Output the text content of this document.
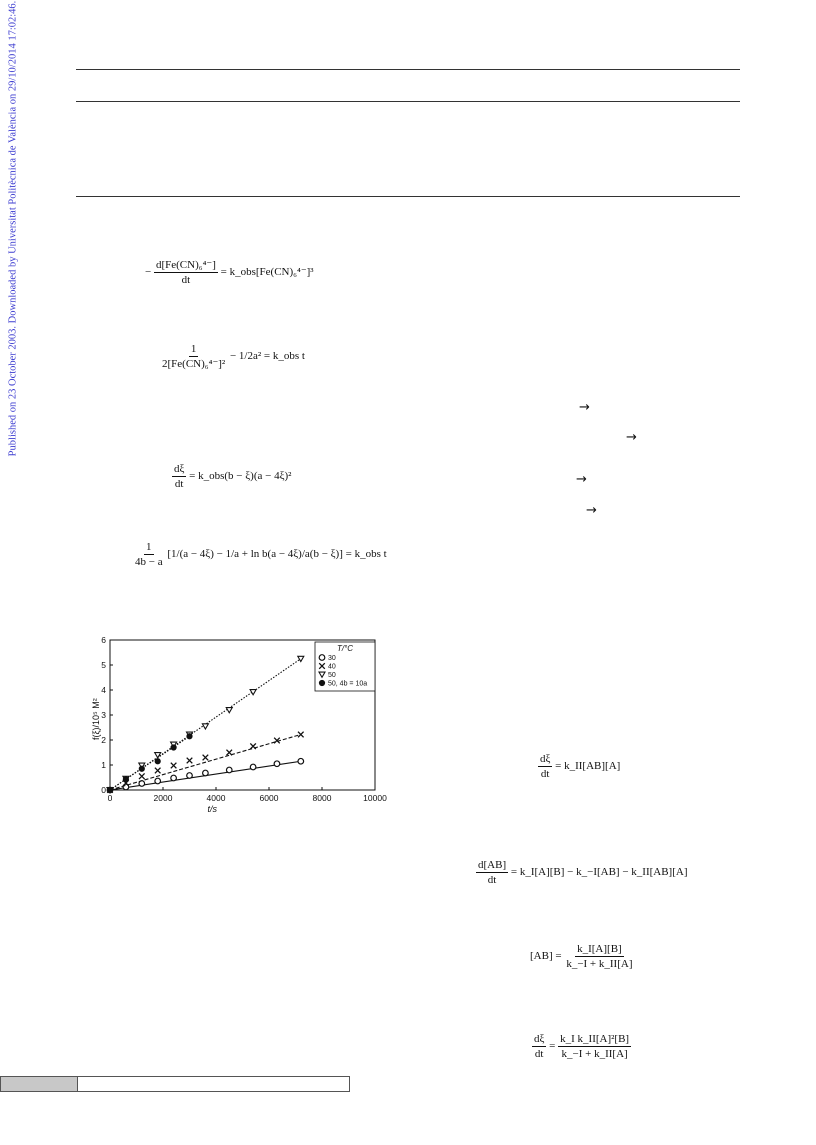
Published on 23 October 2003. Downloaded by Universitat Politècnica de València on 29/10/2014 17:02:46.	− $\frac{\text{d[Fe(CN)₆⁴⁻]}}{dt}$ = k_obs[Fe(CN)₆⁴⁻]³
$\frac{1}{\text{2[Fe(CN)₆⁴⁻]²}} - 1/2a^2$ = k_obs t
$\frac{d\xi}{dt}$ = k_obs(b − ξ)(a − 4ξ)²
$\frac{1}{4b - a} [1/(a - 4\xi) - 1/a + \ln b(a - 4\xi)/a(b - \xi)]$ = k_obs t
→
→
→
→
$\frac{d\xi}{dt}$ = k_II[AB][A]
$\frac{d[AB]}{dt}$ = k_I[A][B] − k_−I[AB] − k_II[AB][A]
$[AB] = \frac{k\_I[A][B]}{k\_-I + k\_II[A]}$
$\frac{d\xi}{dt} = \frac{\text{k\_I k\_II[A]²[B]}}{k\_-I + k\_II[A]}$
0	2000	4000	6000	8000	10000
0
1
2
3
4
5
6
t/s
f(ξ)/10⁵ M²
T/°C
30
40
50
50, 4b = 10a
